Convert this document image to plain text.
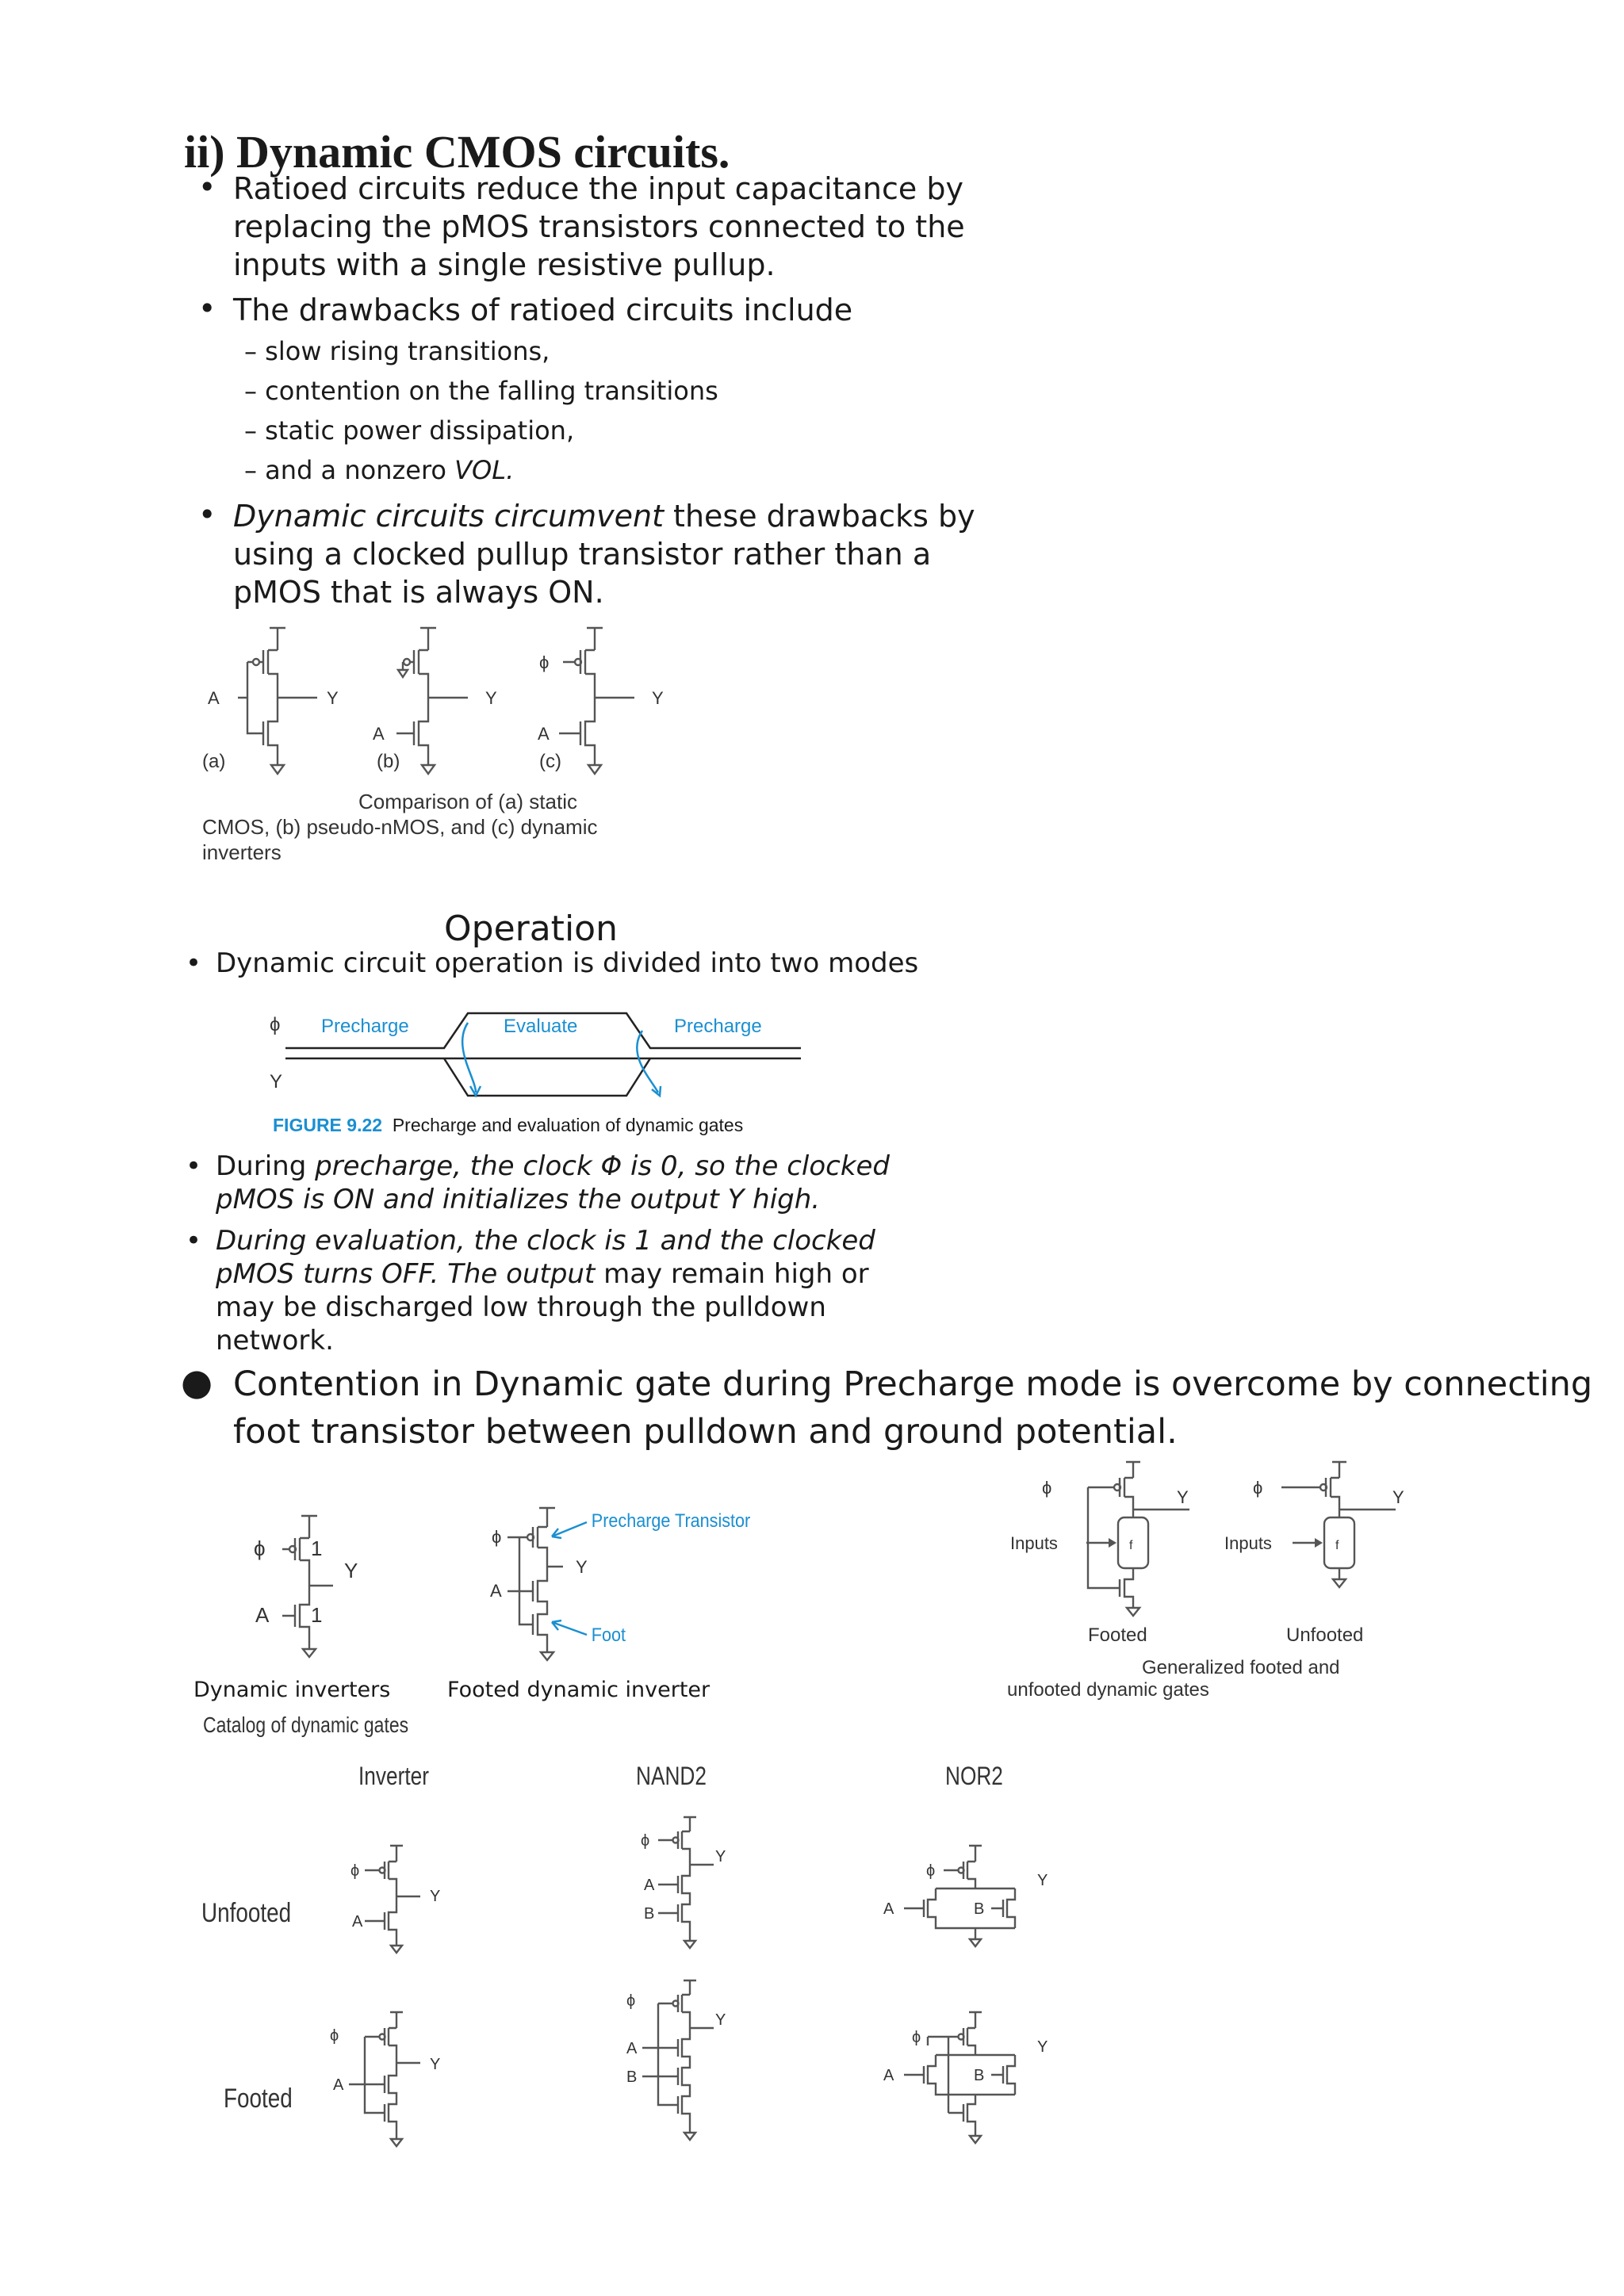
ii) Dynamic CMOS circuits.
• Ratioed circuits reduce the input capacitance by
replacing the pMOS transistors connected to the
inputs with a single resistive pullup.
• The drawbacks of ratioed circuits include
– slow rising transitions,
– contention on the falling transitions
– static power dissipation,
– and a nonzero VOL.
• Dynamic circuits circumvent these drawbacks by
using a clocked pullup transistor rather than a
pMOS that is always ON.
A	Y
A
Y
ϕ
A
Y
(a)	(b)	(c)
Comparison of (a) static
CMOS, (b) pseudo-nMOS, and (c) dynamic
inverters
Operation
• Dynamic circuit operation is divided into two modes
ϕ
Y
Precharge	Evaluate	Precharge
FIGURE 9.22 Precharge and evaluation of dynamic gates
• During precharge, the clock Φ is 0, so the clocked
pMOS is ON and initializes the output Y high.
• During evaluation, the clock is 1 and the clocked
pMOS turns OFF. The output may remain high or
may be discharged low through the pulldown
network.
● Contention in Dynamic gate during Precharge mode is overcome by connecting
foot transistor between pulldown and ground potential.
ϕ
A
Y
1
1
Dynamic inverters
Catalog of dynamic gates
ϕ
A
Y
Precharge Transistor
Foot
Footed dynamic inverter
ϕ
Inputs	f
Y
Footed
ϕ
Inputs	f
Y
Unfooted
Generalized footed and
unfooted dynamic gates
Inverter	NAND2	NOR2
Unfooted
Footed
ϕ
A
Y
ϕ
A
Y
ϕ
A
B
Y
ϕ
A
B
Y
ϕ
A	B
Y
ϕ
A	B
Y
